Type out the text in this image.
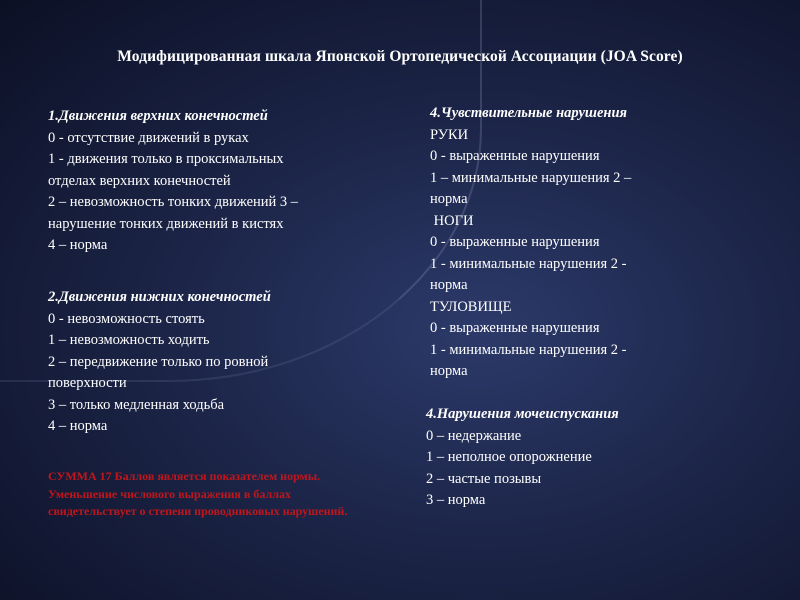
Модифицированная шкала Японской Ортопедической Ассоциации (JOA Score)
1.Движения верхних конечностей
0 - отсутствие движений в руках
1 - движения только в проксимальных
отделах верхних конечностей
2 – невозможность тонких движений 3 –
нарушение тонких движений в кистях
4 – норма
2.Движения нижних конечностей
0 - невозможность стоять
1 – невозможность ходить
2 – передвижение только по ровной
поверхности
3 – только медленная ходьба
4 – норма
4.Чувствительные нарушения
РУКИ
0 - выраженные нарушения
1 – минимальные нарушения 2 –
норма
НОГИ
0 - выраженные нарушения
1 - минимальные нарушения 2 -
норма
ТУЛОВИЩЕ
0 - выраженные нарушения
1 - минимальные нарушения 2 -
норма
4.Нарушения мочеиспускания
0 – недержание
1 – неполное опорожнение
2 – частые позывы
3 – норма
СУММА 17 Баллов является показателем нормы. Уменьшение числового выражения в баллах свидетельствует о степени проводниковых нарушений.
